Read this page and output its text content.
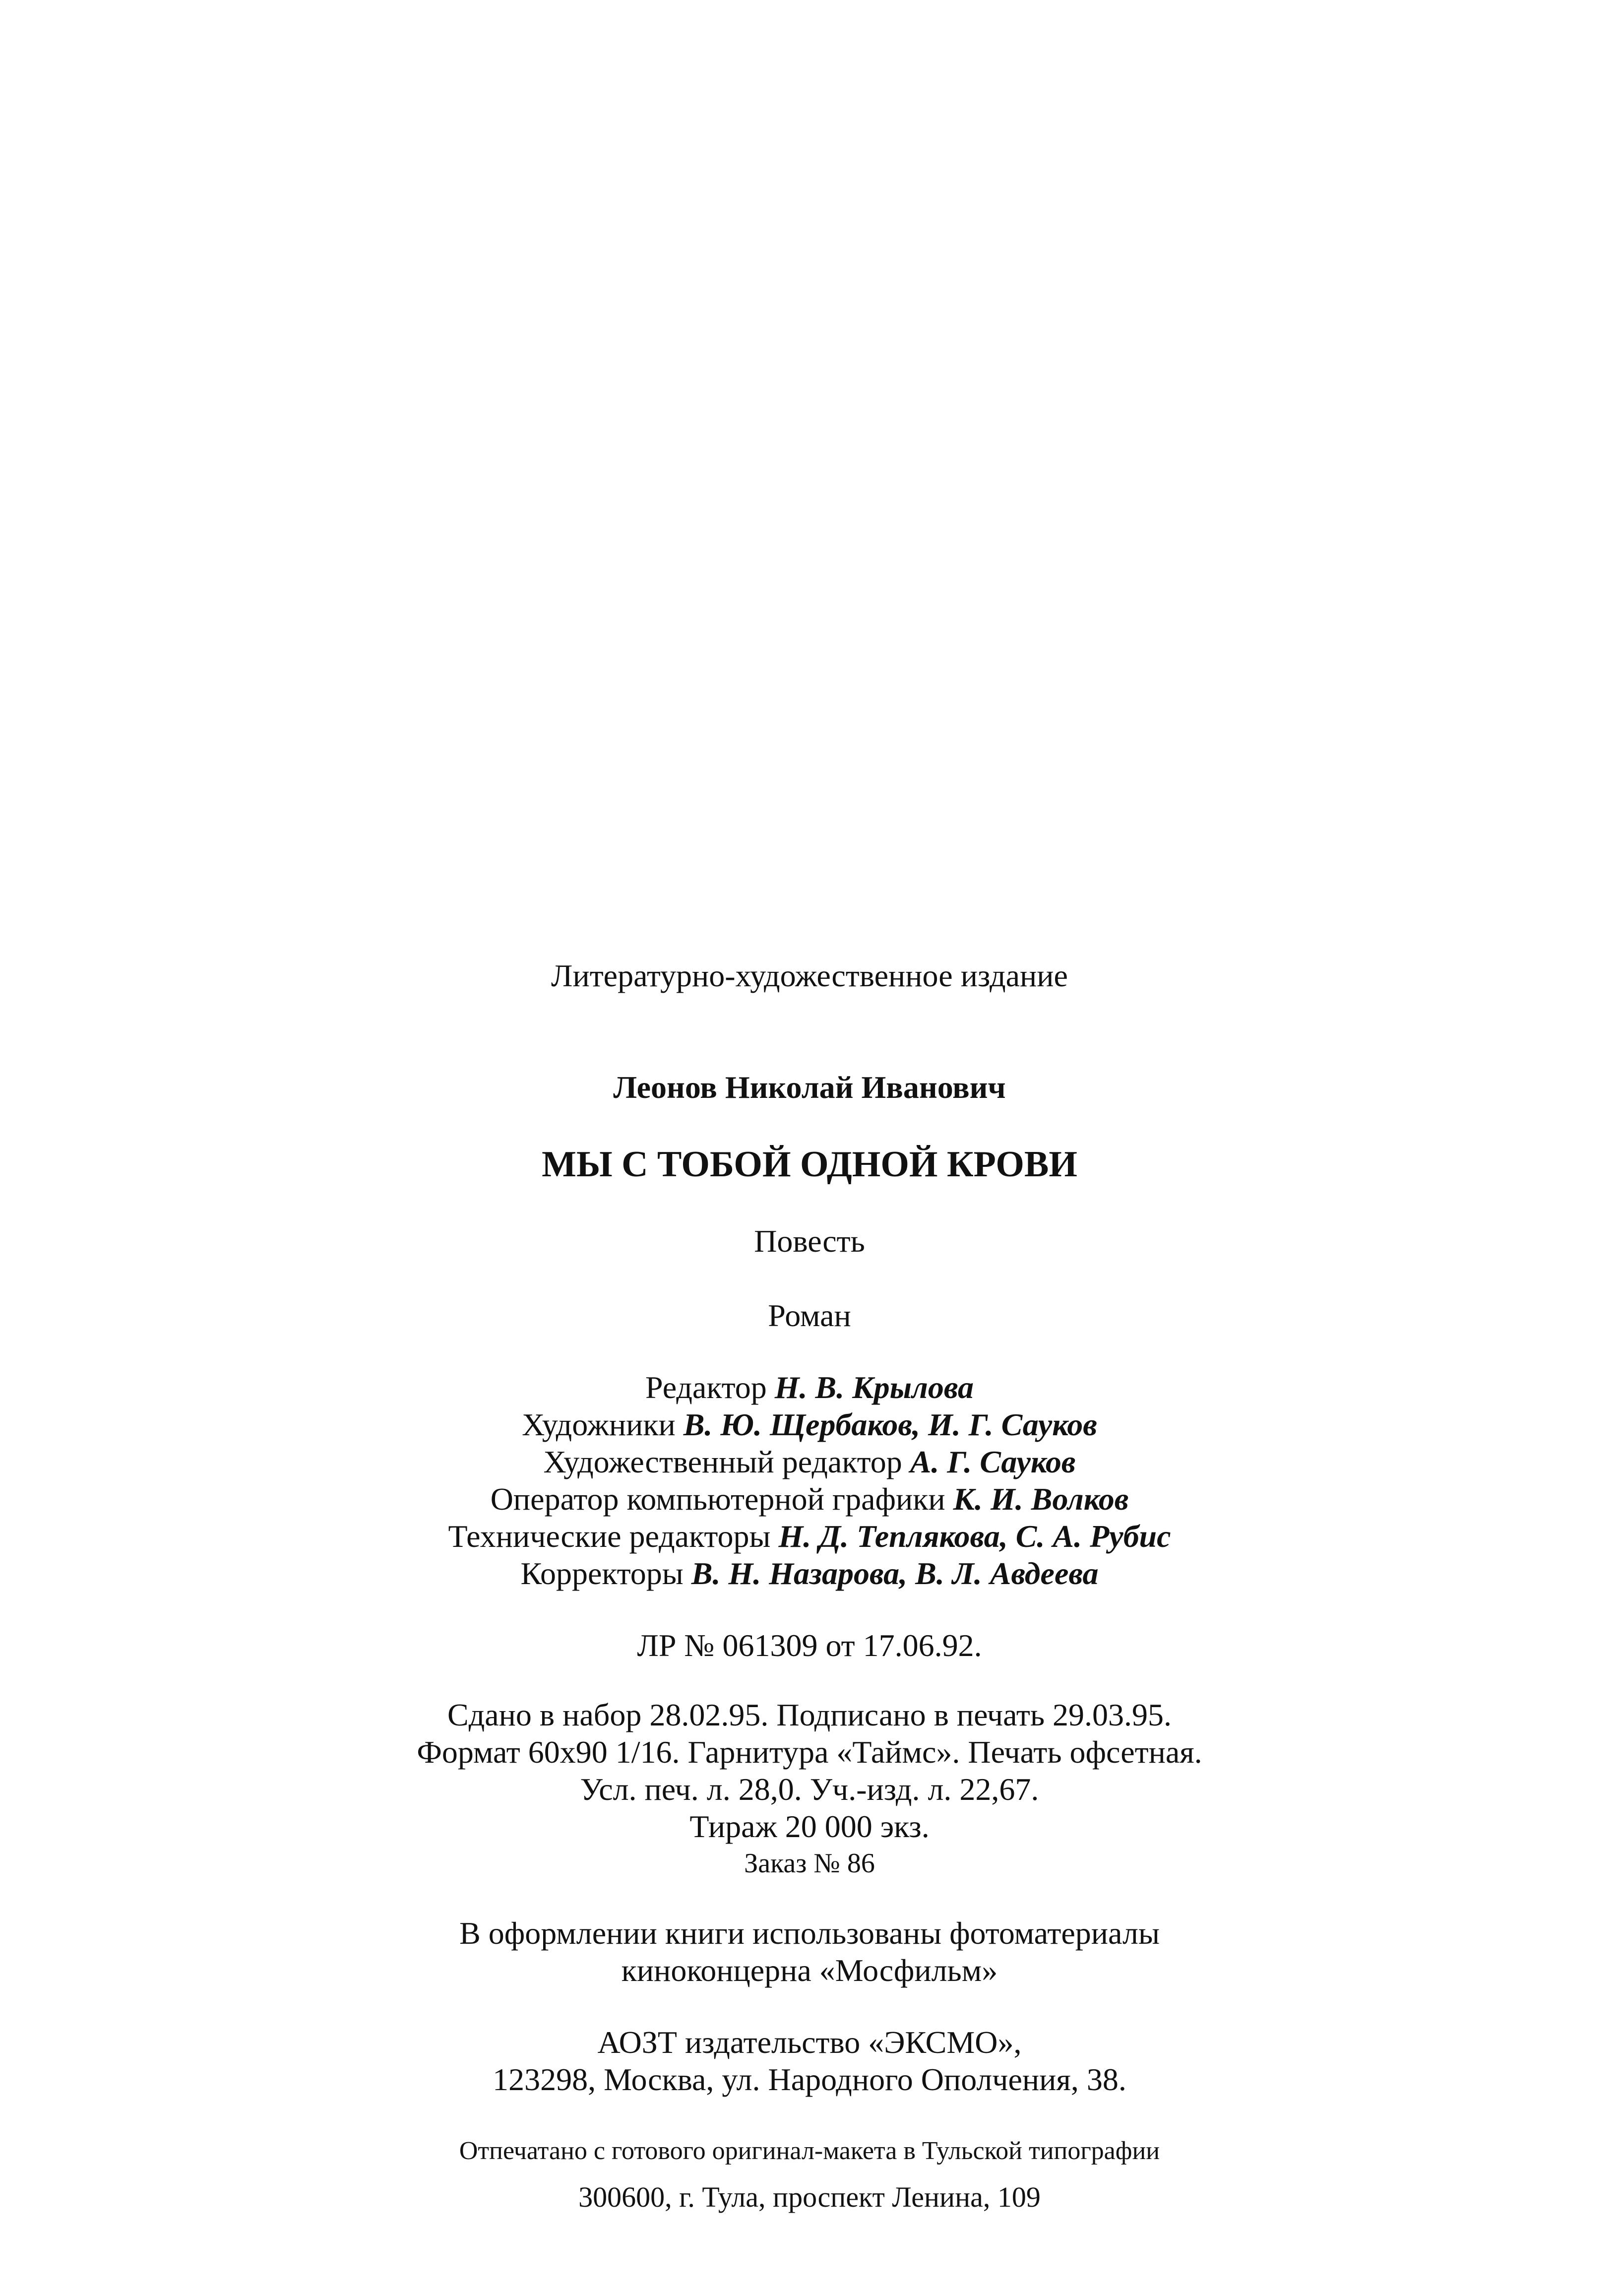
Литературно-художественное издание
Леонов Николай Иванович
МЫ С ТОБОЙ ОДНОЙ КРОВИ
Повесть
Роман
Редактор Н. В. Крылова
Художники В. Ю. Щербаков, И. Г. Сауков
Художественный редактор А. Г. Сауков
Оператор компьютерной графики К. И. Волков
Технические редакторы Н. Д. Теплякова, С. А. Рубис
Корректоры В. Н. Назарова, В. Л. Авдеева
ЛР № 061309 от 17.06.92.
Сдано в набор 28.02.95. Подписано в печать 29.03.95.
Формат 60x90 1/16. Гарнитура «Таймс». Печать офсетная.
Усл. печ. л. 28,0. Уч.-изд. л. 22,67.
Тираж 20 000 экз.
Заказ № 86
В оформлении книги использованы фотоматериалы
киноконцерна «Мосфильм»
АОЗТ издательство «ЭКСМО»,
123298, Москва, ул. Народного Ополчения, 38.
Отпечатано с готового оригинал-макета в Тульской типографии
300600, г. Тула, проспект Ленина, 109
